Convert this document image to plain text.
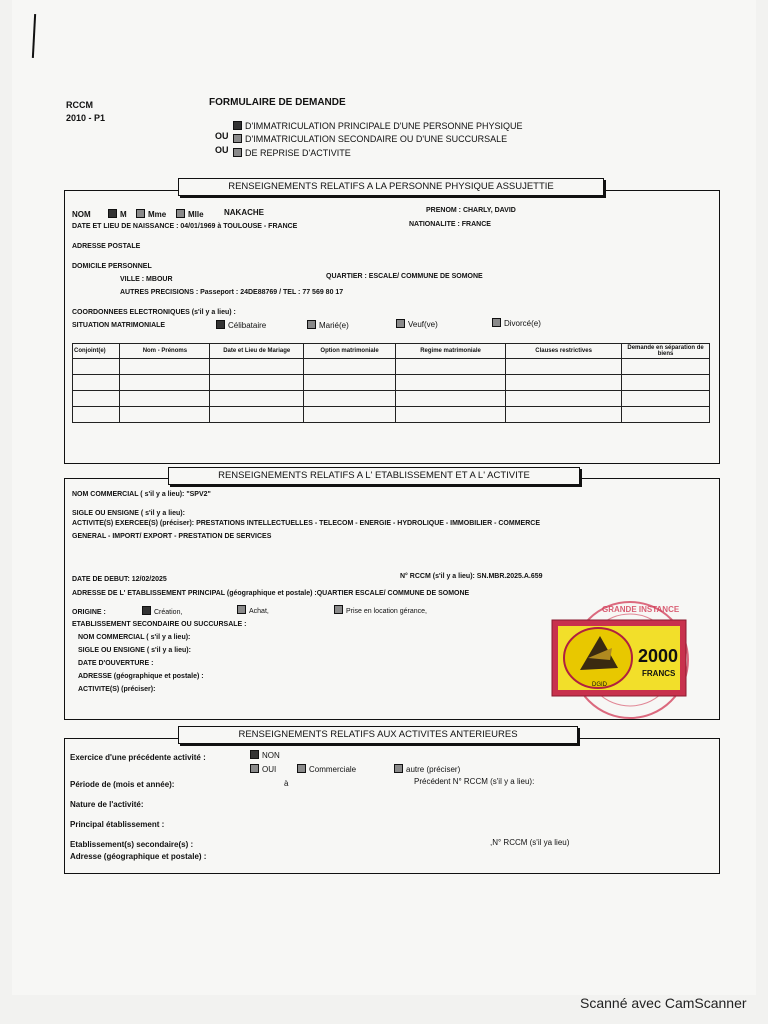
RCCM
2010 - P1
FORMULAIRE DE DEMANDE
D'IMMATRICULATION PRINCIPALE D'UNE PERSONNE PHYSIQUE
OU	D'IMMATRICULATION SECONDAIRE OU D'UNE SUCCURSALE
OU	DE REPRISE D'ACTIVITE
RENSEIGNEMENTS RELATIFS A LA PERSONNE PHYSIQUE ASSUJETTIE
NOM	M	Mme	Mlle	NAKACHE	PRENOM : CHARLY, DAVID
DATE ET LIEU DE NAISSANCE : 04/01/1969 à TOULOUSE - FRANCE	NATIONALITE : FRANCE
ADRESSE POSTALE
DOMICILE PERSONNEL
VILLE : MBOUR	QUARTIER : ESCALE/ COMMUNE DE SOMONE
AUTRES PRECISIONS : Passeport : 24DE88769 / TEL : 77 569 80 17
COORDONNEES ELECTRONIQUES (s'il y a lieu) :
SITUATION MATRIMONIALE	Célibataire	Marié(e)	Veuf(ve)	Divorcé(e)
Conjoint(e)	Nom - Prénoms	Date et Lieu de Mariage	Option matrimoniale	Regime matrimoniale	Clauses restrictives	Demande en séparation de biens

RENSEIGNEMENTS RELATIFS A L' ETABLISSEMENT ET A L' ACTIVITE
NOM COMMERCIAL ( s'il y a lieu): "SPV2"
SIGLE OU ENSIGNE ( s'il y a lieu):
ACTIVITE(S) EXERCEE(S) (préciser): PRESTATIONS INTELLECTUELLES - TELECOM - ENERGIE - HYDROLIQUE - IMMOBILIER - COMMERCE
GENERAL - IMPORT/ EXPORT - PRESTATION DE SERVICES
DATE DE DEBUT: 12/02/2025	N° RCCM (s'il y a lieu): SN.MBR.2025.A.659
ADRESSE DE L' ETABLISSEMENT PRINCIPAL (géographique et postale) :QUARTIER ESCALE/ COMMUNE DE SOMONE
ORIGINE :	Création,	Achat,	Prise en location gérance,
ETABLISSEMENT SECONDAIRE OU SUCCURSALE :
NOM COMMERCIAL ( s'il y a lieu):
SIGLE OU ENSIGNE ( s'il y a lieu):
DATE D'OUVERTURE :
ADRESSE (géographique et postale) :
ACTIVITE(S) (préciser):
2000
FRANCS
DGID
GRANDE INSTANCE
RENSEIGNEMENTS RELATIFS AUX ACTIVITES ANTERIEURES
Exercice d'une précédente activité :	NON
OUI	Commerciale	autre (préciser)
Période de (mois et année):	à	Précédent N° RCCM (s'il y a lieu):
Nature de l'activité:
Principal établissement :
Etablissement(s) secondaire(s) :	,N° RCCM (s'il ya lieu)
Adresse (géographique et postale) :
Scanné avec CamScanner
